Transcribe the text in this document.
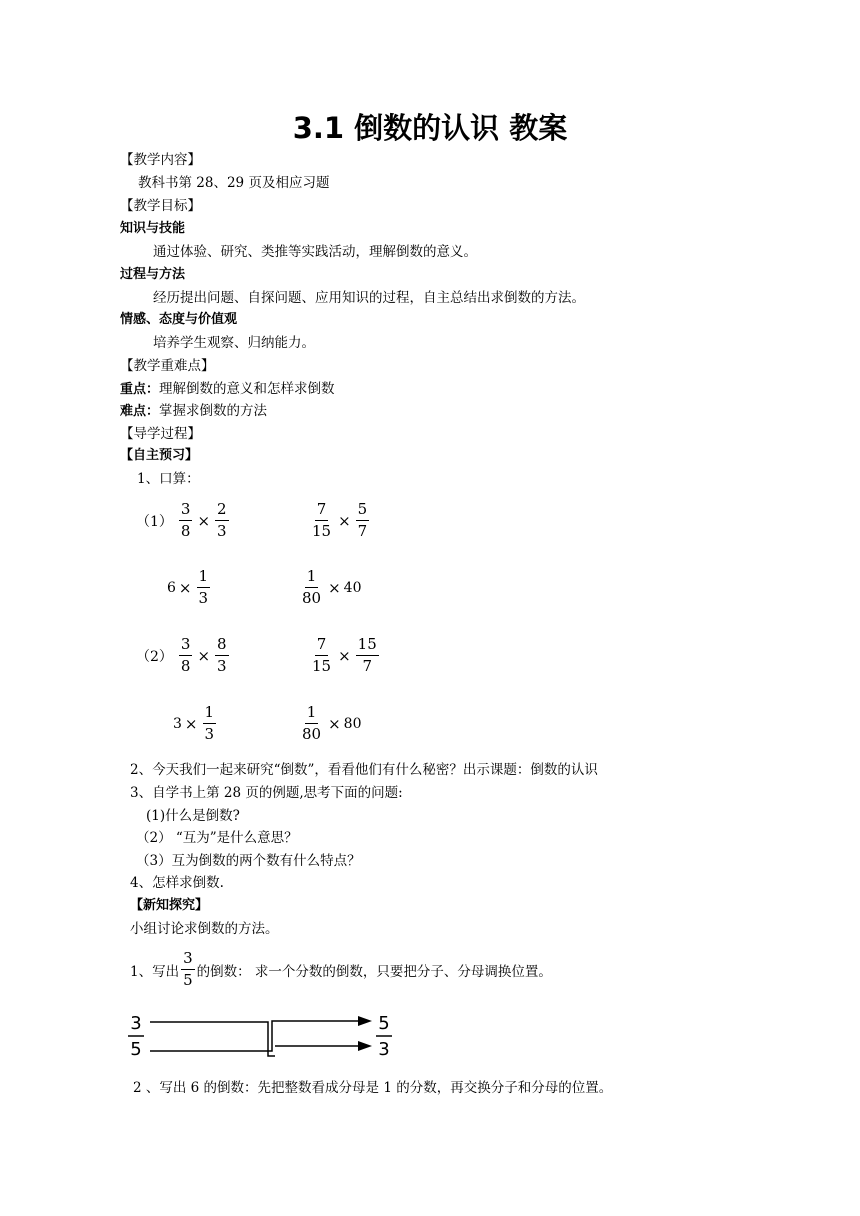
3.1 倒数的认识 教案
【教学内容】
教科书第 28、29 页及相应习题
【教学目标】
知识与技能
通过体验、研究、类推等实践活动，理解倒数的意义。
过程与方法
经历提出问题、自探问题、应用知识的过程，自主总结出求倒数的方法。
情感、态度与价值观
培养学生观察、归纳能力。
【教学重难点】
重点：理解倒数的意义和怎样求倒数
难点：掌握求倒数的方法
【导学过程】
【自主预习】
1、口算：
$(1) \frac{3}{8} \times \frac{2}{3}$	$\frac{7}{15} \times \frac{5}{7}$
$6 \times \frac{1}{3}$	$\frac{1}{80} \times 40$
$(2) \frac{3}{8} \times \frac{8}{3}$	$\frac{7}{15} \times \frac{15}{7}$
$3 \times \frac{1}{3}$	$\frac{1}{80} \times 80$
2、今天我们一起来研究“倒数”，看看他们有什么秘密？出示课题：倒数的认识
3、自学书上第 28 页的例题,思考下面的问题:
(1)什么是倒数?
（2） “互为”是什么意思？
（3）互为倒数的两个数有什么特点？
4、怎样求倒数.
【新知探究】
小组讨论求倒数的方法。
1、写出 $\frac{3}{5}$ 的倒数： 求一个分数的倒数，只要把分子、分母调换位置。
3
5
5
3
2 、写出 6 的倒数：先把整数看成分母是 1 的分数，再交换分子和分母的位置。
